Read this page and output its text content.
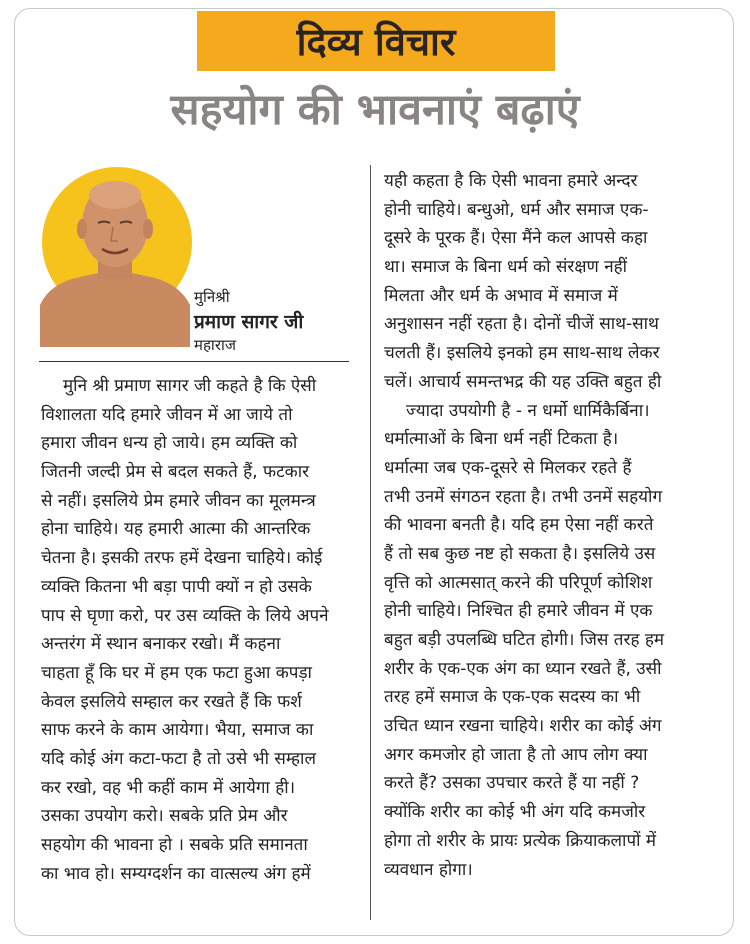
दिव्य विचार
सहयोग की भावनाएं बढ़ाएं
मुनिश्री
प्रमाण सागर जी
महाराज
मुनि श्री प्रमाण सागर जी कहते है कि ऐसी
विशालता यदि हमारे जीवन में आ जाये तो
हमारा जीवन धन्य हो जाये। हम व्यक्ति को
जितनी जल्दी प्रेम से बदल सकते हैं, फटकार
से नहीं। इसलिये प्रेम हमारे जीवन का मूलमन्त्र
होना चाहिये। यह हमारी आत्मा की आन्तरिक
चेतना है। इसकी तरफ हमें देखना चाहिये। कोई
व्यक्ति कितना भी बड़ा पापी क्यों न हो उसके
पाप से घृणा करो, पर उस व्यक्ति के लिये अपने
अन्तरंग में स्थान बनाकर रखो। मैं कहना
चाहता हूँ कि घर में हम एक फटा हुआ कपड़ा
केवल इसलिये सम्हाल कर रखते हैं कि फर्श
साफ करने के काम आयेगा। भैया, समाज का
यदि कोई अंग कटा-फटा है तो उसे भी सम्हाल
कर रखो, वह भी कहीं काम में आयेगा ही।
उसका उपयोग करो। सबके प्रति प्रेम और
सहयोग की भावना हो । सबके प्रति समानता
का भाव हो। सम्यग्दर्शन का वात्सल्य अंग हमें
यही कहता है कि ऐसी भावना हमारे अन्दर
होनी चाहिये। बन्धुओ, धर्म और समाज एक-
दूसरे के पूरक हैं। ऐसा मैंने कल आपसे कहा
था। समाज के बिना धर्म को संरक्षण नहीं
मिलता और धर्म के अभाव में समाज में
अनुशासन नहीं रहता है। दोनों चीजें साथ-साथ
चलती हैं। इसलिये इनको हम साथ-साथ लेकर
चलें। आचार्य समन्तभद्र की यह उक्ति बहुत ही
ज्यादा उपयोगी है - न धर्मो धार्मिकैर्बिना।
धर्मात्माओं के बिना धर्म नहीं टिकता है।
धर्मात्मा जब एक-दूसरे से मिलकर रहते हैं
तभी उनमें संगठन रहता है। तभी उनमें सहयोग
की भावना बनती है। यदि हम ऐसा नहीं करते
हैं तो सब कुछ नष्ट हो सकता है। इसलिये उस
वृत्ति को आत्मसात् करने की परिपूर्ण कोशिश
होनी चाहिये। निश्चित ही हमारे जीवन में एक
बहुत बड़ी उपलब्धि घटित होगी। जिस तरह हम
शरीर के एक-एक अंग का ध्यान रखते हैं, उसी
तरह हमें समाज के एक-एक सदस्य का भी
उचित ध्यान रखना चाहिये। शरीर का कोई अंग
अगर कमजोर हो जाता है तो आप लोग क्या
करते हैं? उसका उपचार करते हैं या नहीं ?
क्योंकि शरीर का कोई भी अंग यदि कमजोर
होगा तो शरीर के प्रायः प्रत्येक क्रियाकलापों में
व्यवधान होगा।
